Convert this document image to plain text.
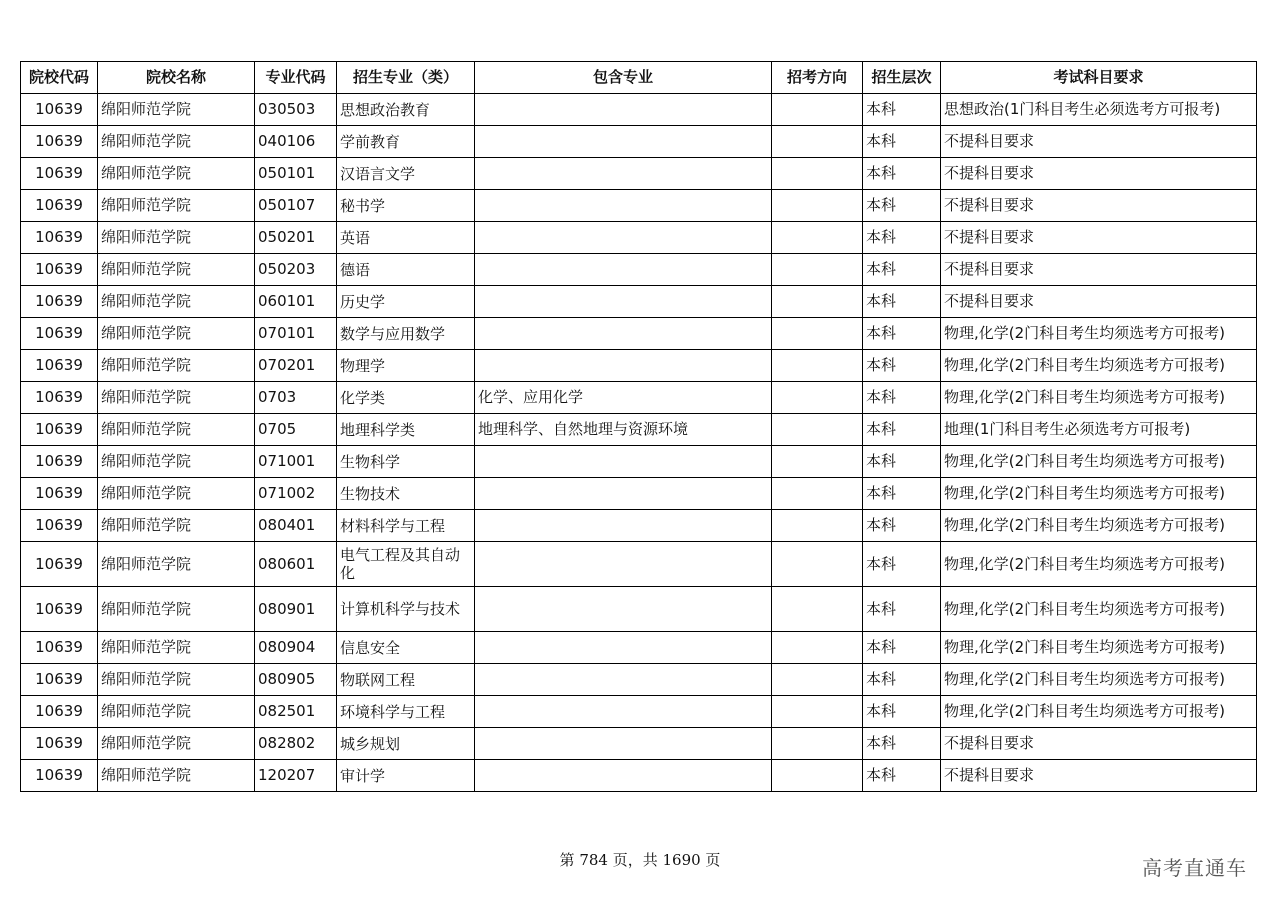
院校代码	院校名称	专业代码	招生专业（类）	包含专业	招考方向	招生层次	考试科目要求
10639	绵阳师范学院	030503	思想政治教育			本科	思想政治(1门科目考生必须选考方可报考)
10639	绵阳师范学院	040106	学前教育			本科	不提科目要求
10639	绵阳师范学院	050101	汉语言文学			本科	不提科目要求
10639	绵阳师范学院	050107	秘书学			本科	不提科目要求
10639	绵阳师范学院	050201	英语			本科	不提科目要求
10639	绵阳师范学院	050203	德语			本科	不提科目要求
10639	绵阳师范学院	060101	历史学			本科	不提科目要求
10639	绵阳师范学院	070101	数学与应用数学			本科	物理,化学(2门科目考生均须选考方可报考)
10639	绵阳师范学院	070201	物理学			本科	物理,化学(2门科目考生均须选考方可报考)
10639	绵阳师范学院	0703	化学类	化学、应用化学		本科	物理,化学(2门科目考生均须选考方可报考)
10639	绵阳师范学院	0705	地理科学类	地理科学、自然地理与资源环境		本科	地理(1门科目考生必须选考方可报考)
10639	绵阳师范学院	071001	生物科学			本科	物理,化学(2门科目考生均须选考方可报考)
10639	绵阳师范学院	071002	生物技术			本科	物理,化学(2门科目考生均须选考方可报考)
10639	绵阳师范学院	080401	材料科学与工程			本科	物理,化学(2门科目考生均须选考方可报考)
10639	绵阳师范学院	080601	电气工程及其自动化			本科	物理,化学(2门科目考生均须选考方可报考)
10639	绵阳师范学院	080901	计算机科学与技术			本科	物理,化学(2门科目考生均须选考方可报考)
10639	绵阳师范学院	080904	信息安全			本科	物理,化学(2门科目考生均须选考方可报考)
10639	绵阳师范学院	080905	物联网工程			本科	物理,化学(2门科目考生均须选考方可报考)
10639	绵阳师范学院	082501	环境科学与工程			本科	物理,化学(2门科目考生均须选考方可报考)
10639	绵阳师范学院	082802	城乡规划			本科	不提科目要求
10639	绵阳师范学院	120207	审计学			本科	不提科目要求
第 784 页，共 1690 页	高考直通车
